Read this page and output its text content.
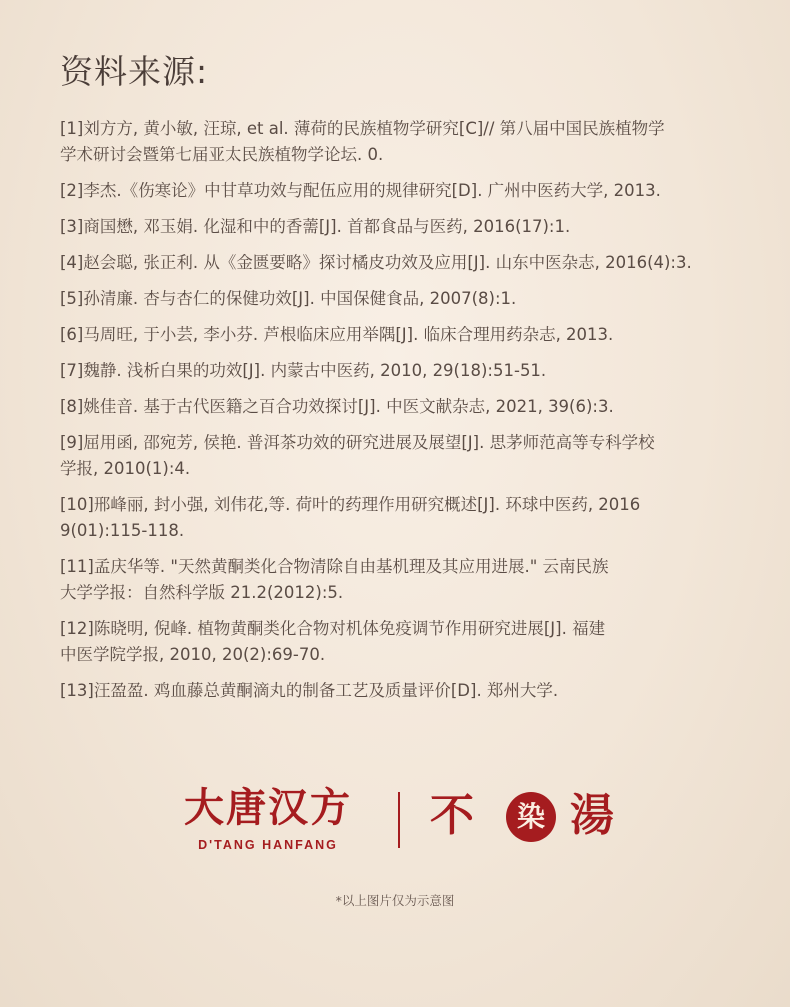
资料来源:

[1]刘方方, 黄小敏, 汪琼, et al. 薄荷的民族植物学研究[C]// 第八届中国民族植物学
学术研讨会暨第七届亚太民族植物学论坛. 0.

[2]李杰.《伤寒论》中甘草功效与配伍应用的规律研究[D]. 广州中医药大学, 2013.

[3]商国懋, 邓玉娟. 化湿和中的香薷[J]. 首都食品与医药, 2016(17):1.

[4]赵会聪, 张正利. 从《金匮要略》探讨橘皮功效及应用[J]. 山东中医杂志, 2016(4):3.

[5]孙清廉. 杏与杏仁的保健功效[J]. 中国保健食品, 2007(8):1.

[6]马周旺, 于小芸, 李小芬. 芦根临床应用举隅[J]. 临床合理用药杂志, 2013.

[7]魏静. 浅析白果的功效[J]. 内蒙古中医药, 2010, 29(18):51-51.

[8]姚佳音. 基于古代医籍之百合功效探讨[J]. 中医文献杂志, 2021, 39(6):3.

[9]屈用函, 邵宛芳, 侯艳. 普洱茶功效的研究进展及展望[J]. 思茅师范高等专科学校
学报, 2010(1):4.

[10]邢峰丽, 封小强, 刘伟花,等. 荷叶的药理作用研究概述[J]. 环球中医药, 2016
9(01):115-118.

[11]孟庆华等. "天然黄酮类化合物清除自由基机理及其应用进展." 云南民族
大学学报：自然科学版 21.2(2012):5.

[12]陈晓明, 倪峰. 植物黄酮类化合物对机体免疫调节作用研究进展[J]. 福建
中医学院学报, 2010, 20(2):69-70.

[13]汪盈盈. 鸡血藤总黄酮滴丸的制备工艺及质量评价[D]. 郑州大学.

大唐汉方
D'TANG HANFANG
不	染 湯
*以上图片仅为示意图
